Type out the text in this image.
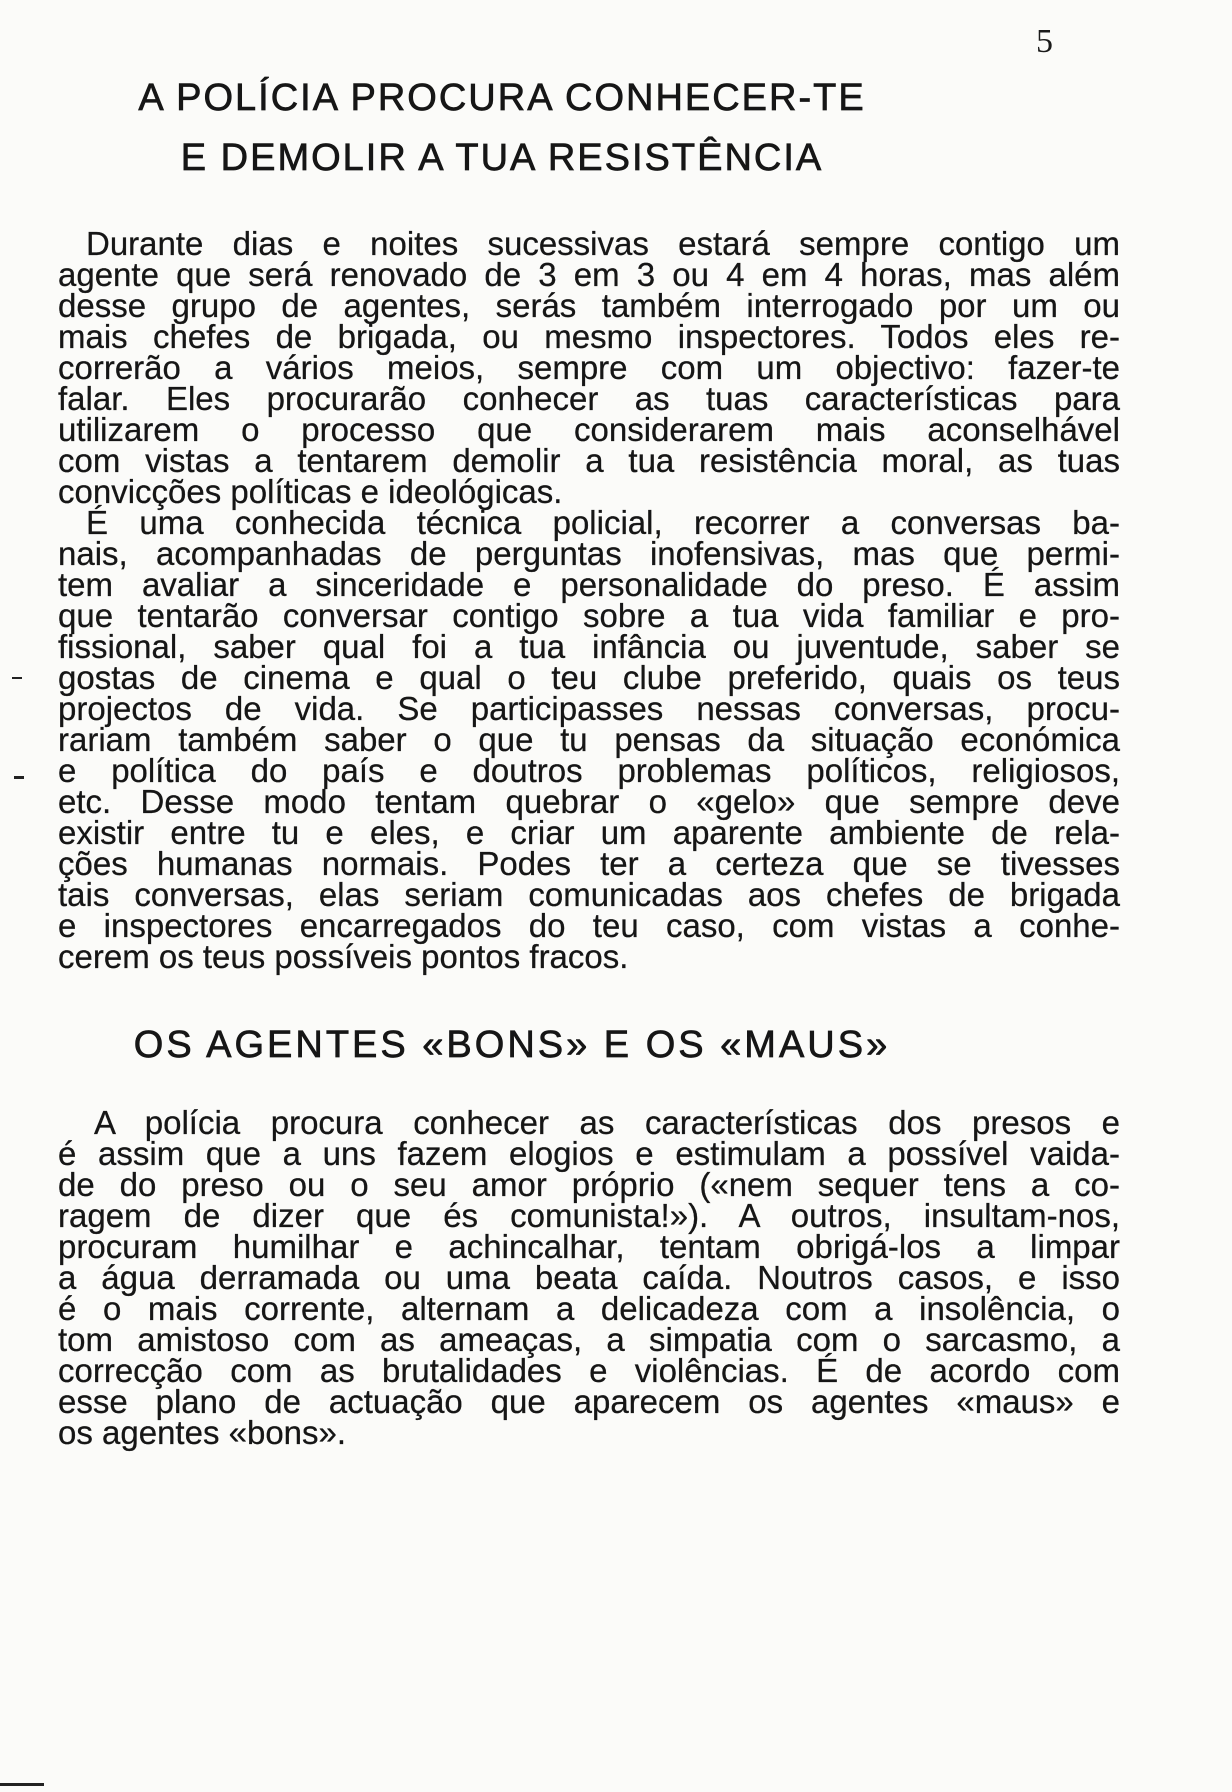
5
A POLÍCIA PROCURA CONHECER-TE
E DEMOLIR A TUA RESISTÊNCIA
Durante dias e noites sucessivas estará sempre contigo um
agente que será renovado de 3 em 3 ou 4 em 4 horas, mas além
desse grupo de agentes, serás também interrogado por um ou
mais chefes de brigada, ou mesmo inspectores. Todos eles re-
correrão a vários meios, sempre com um objectivo: fazer-te
falar. Eles procurarão conhecer as tuas características para
utilizarem o processo que considerarem mais aconselhável
com vistas a tentarem demolir a tua resistência moral, as tuas
convicções políticas e ideológicas.
É uma conhecida técnica policial, recorrer a conversas ba-
nais, acompanhadas de perguntas inofensivas, mas que permi-
tem avaliar a sinceridade e personalidade do preso. É assim
que tentarão conversar contigo sobre a tua vida familiar e pro-
fissional, saber qual foi a tua infância ou juventude, saber se
gostas de cinema e qual o teu clube preferido, quais os teus
projectos de vida. Se participasses nessas conversas, procu-
rariam também saber o que tu pensas da situação económica
e política do país e doutros problemas políticos, religiosos,
etc. Desse modo tentam quebrar o «gelo» que sempre deve
existir entre tu e eles, e criar um aparente ambiente de rela-
ções humanas normais. Podes ter a certeza que se tivesses
tais conversas, elas seriam comunicadas aos chefes de brigada
e inspectores encarregados do teu caso, com vistas a conhe-
cerem os teus possíveis pontos fracos.
OS AGENTES «BONS» E OS «MAUS»
A polícia procura conhecer as características dos presos e
é assim que a uns fazem elogios e estimulam a possível vaida-
de do preso ou o seu amor próprio («nem sequer tens a co-
ragem de dizer que és comunista!»). A outros, insultam-nos,
procuram humilhar e achincalhar, tentam obrigá-los a limpar
a água derramada ou uma beata caída. Noutros casos, e isso
é o mais corrente, alternam a delicadeza com a insolência, o
tom amistoso com as ameaças, a simpatia com o sarcasmo, a
correcção com as brutalidades e violências. É de acordo com
esse plano de actuação que aparecem os agentes «maus» e
os agentes «bons».
